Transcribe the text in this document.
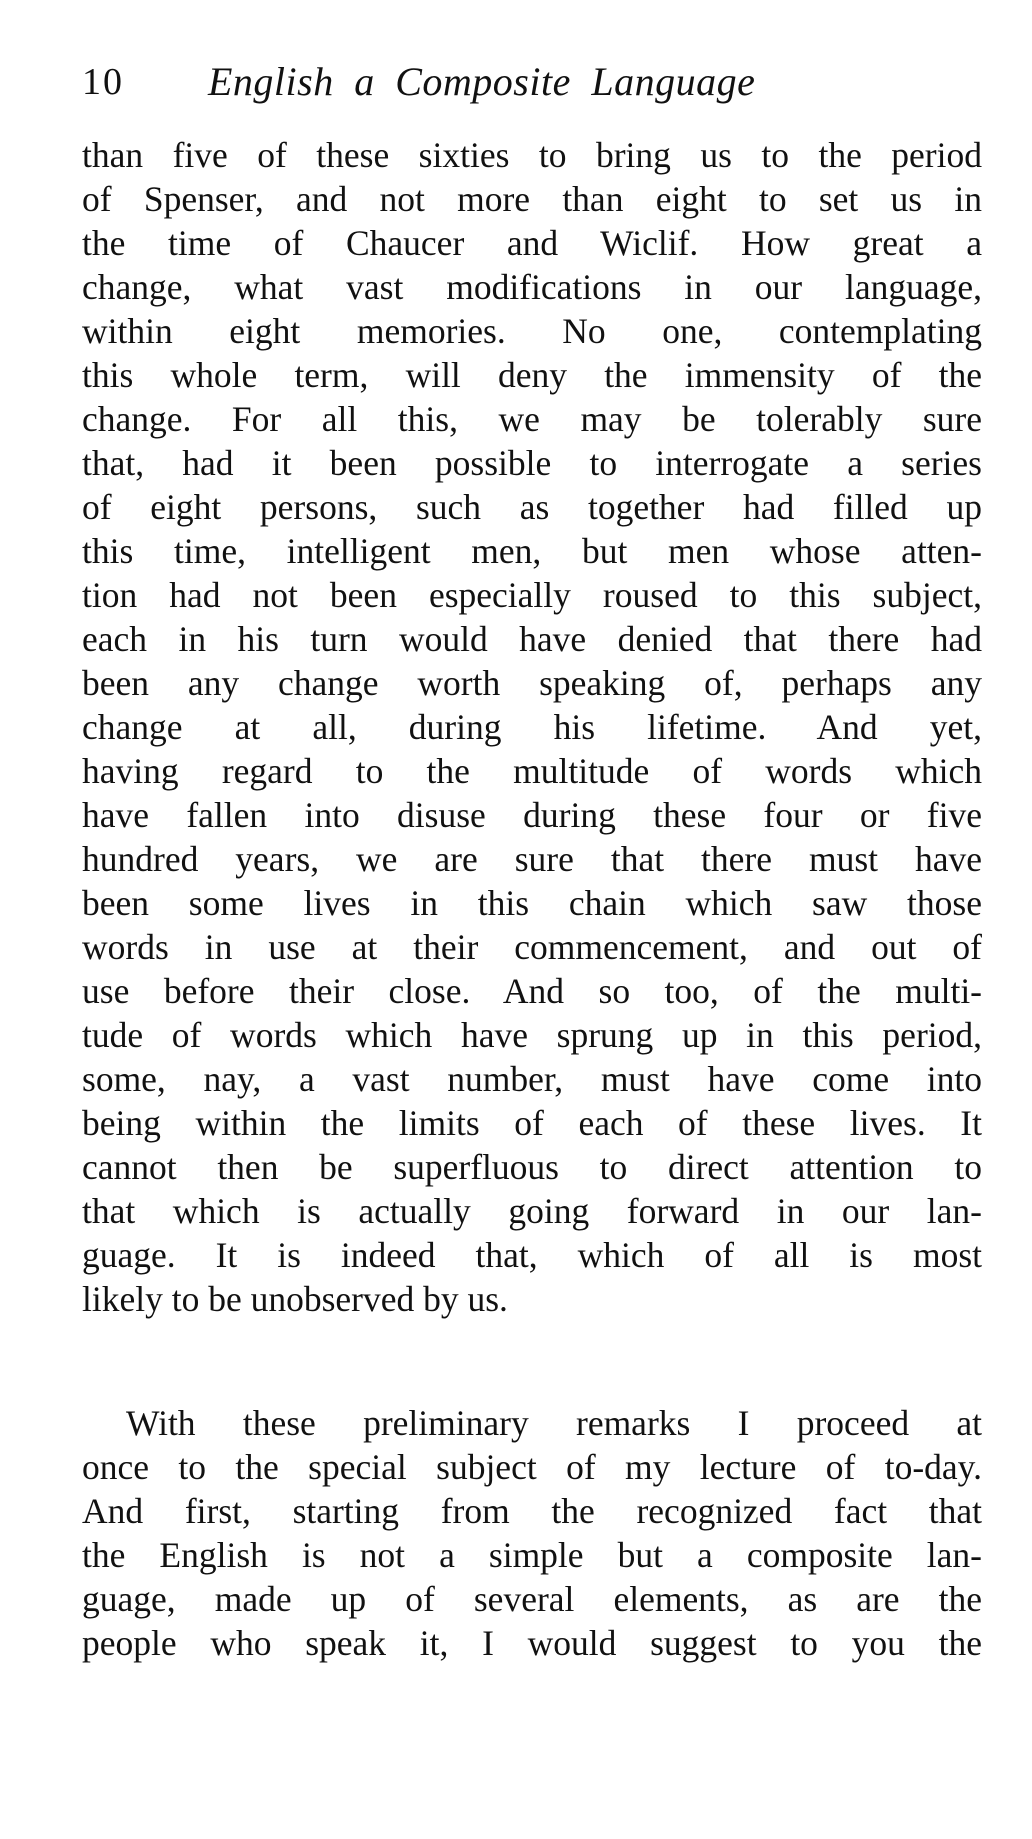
10 English a Composite Language

than five of these sixties to bring us to the period

of Spenser, and not more than eight to set us in

the time of Chaucer and Wiclif. How great a

change, what vast modifications in our language,

within eight memories. No one, contemplating

this whole term, will deny the immensity of the

change. For all this, we may be tolerably sure

that, had it been possible to interrogate a series

of eight persons, such as together had filled up

this time, intelligent men, but men whose atten-

tion had not been especially roused to this subject,

each in his turn would have denied that there had

been any change worth speaking of, perhaps any

change at all, during his lifetime. And yet,

having regard to the multitude of words which

have fallen into disuse during these four or five

hundred years, we are sure that there must have

been some lives in this chain which saw those

words in use at their commencement, and out of

use before their close. And so too, of the multi-

tude of words which have sprung up in this period,

some, nay, a vast number, must have come into

being within the limits of each of these lives. It

cannot then be superfluous to direct attention to

that which is actually going forward in our lan-

guage. It is indeed that, which of all is most

likely to be unobserved by us.

With these preliminary remarks I proceed at

once to the special subject of my lecture of to-day.

And first, starting from the recognized fact that

the English is not a simple but a composite lan-

guage, made up of several elements, as are the

people who speak it, I would suggest to you the
